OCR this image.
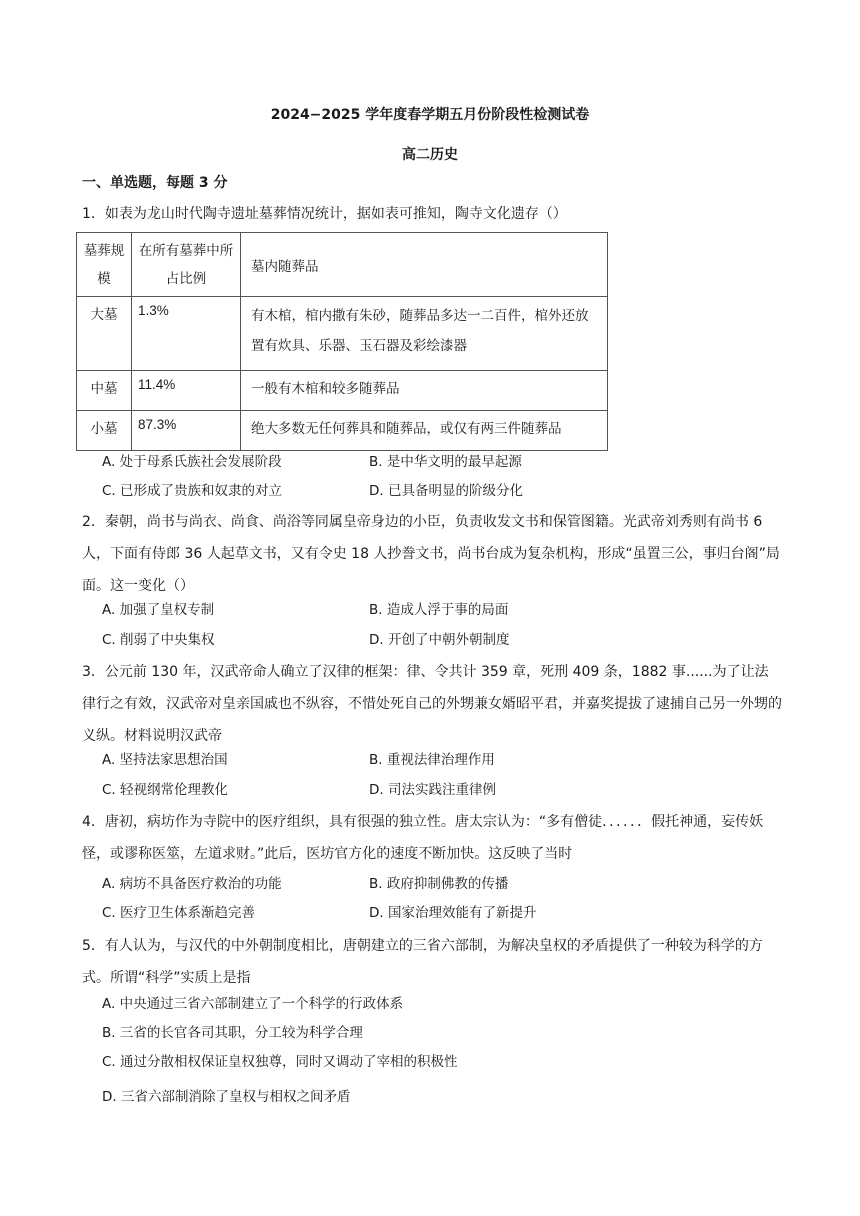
2024−2025 学年度春学期五月份阶段性检测试卷
高二历史
一、单选题，每题 3 分
1．如表为龙山时代陶寺遗址墓葬情况统计，据如表可推知，陶寺文化遗存（）
墓葬规模	在所有墓葬中所占比例	墓内随葬品
大墓	1.3%	有木棺，棺内撒有朱砂，随葬品多达一二百件，棺外还放置有炊具、乐器、玉石器及彩绘漆器
中墓	11.4%	一般有木棺和较多随葬品
小墓	87.3%	绝大多数无任何葬具和随葬品，或仅有两三件随葬品
A. 处于母系氏族社会发展阶段	B. 是中华文明的最早起源
C. 已形成了贵族和奴隶的对立	D. 已具备明显的阶级分化
2．秦朝，尚书与尚衣、尚食、尚浴等同属皇帝身边的小臣，负责收发文书和保管图籍。光武帝刘秀则有尚书 6 人，下面有侍郎 36 人起草文书，又有令史 18 人抄誊文书，尚书台成为复杂机构，形成“虽置三公，事归台阁”局面。这一变化（）
A. 加强了皇权专制	B. 造成人浮于事的局面
C. 削弱了中央集权	D. 开创了中朝外朝制度
3．公元前 130 年，汉武帝命人确立了汉律的框架：律、令共计 359 章，死刑 409 条，1882 事......为了让法律行之有效，汉武帝对皇亲国戚也不纵容，不惜处死自己的外甥兼女婿昭平君，并嘉奖提拔了逮捕自己另一外甥的义纵。材料说明汉武帝
A. 坚持法家思想治国	B. 重视法律治理作用
C. 轻视纲常伦理教化	D. 司法实践注重律例
4．唐初，病坊作为寺院中的医疗组织，具有很强的独立性。唐太宗认为：“多有僧徒．．．．．．假托神通，妄传妖怪，或谬称医筮，左道求财。”此后，医坊官方化的速度不断加快。这反映了当时
A. 病坊不具备医疗救治的功能	B. 政府抑制佛教的传播
C. 医疗卫生体系渐趋完善	D. 国家治理效能有了新提升
5．有人认为，与汉代的中外朝制度相比，唐朝建立的三省六部制，为解决皇权的矛盾提供了一种较为科学的方式。所谓“科学”实质上是指
A. 中央通过三省六部制建立了一个科学的行政体系
B. 三省的长官各司其职，分工较为科学合理
C. 通过分散相权保证皇权独尊，同时又调动了宰相的积极性
D. 三省六部制消除了皇权与相权之间矛盾
